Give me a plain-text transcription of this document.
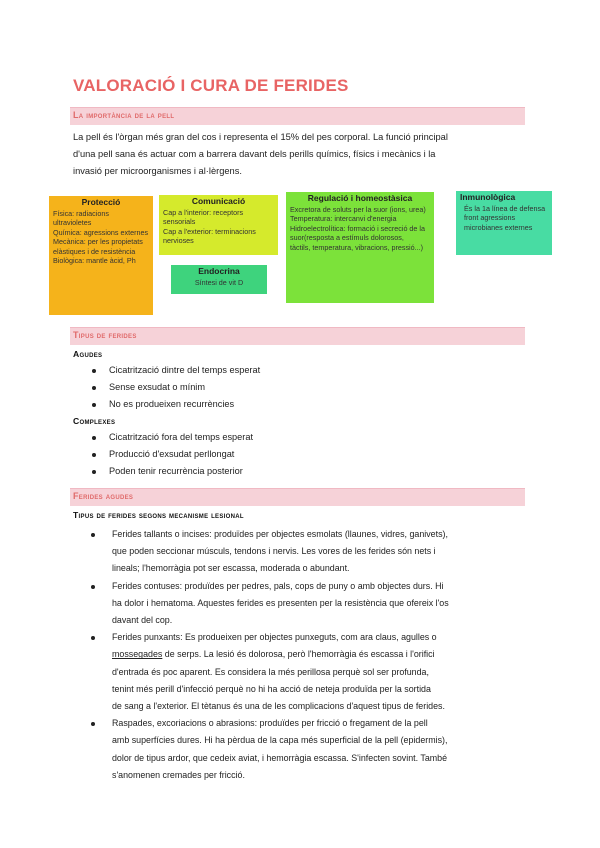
VALORACIÓ I CURA DE FERIDES
La importància de la pell
La pell és l'òrgan més gran del cos i representa el 15% del pes corporal. La funció principal
d'una pell sana és actuar com a barrera davant dels perills químics, físics i mecànics i la
invasió per microorganismes i al·lèrgens.
Protecció

Física: radiacions ultravioletes

Química: agressions externes

Mecànica: per les propietats elàstiques i de resistència

Biològica: mantle àcid, Ph

Comunicació

Cap a l'interior: receptors sensorials

Cap a l'exterior: terminacions nervioses

Endocrina

Síntesi de vit D

Regulació i homeostàsica

Excretora de soluts per la suor (ions, urea)

Temperatura: intercanvi d'energia

Hidroelectrolítica: formació i secreció de la suor(resposta a estímuls dolorosos,

tàctils, temperatura, vibracions, pressió...)

Inmunològica

És la 1a línea de defensa front agressions microbianes externes

Tipus de ferides
Agudes
Cicatrització dintre del temps esperat
Sense exsudat o mínim
No es produeixen recurrències
Complexes
Cicatrització fora del temps esperat
Producció d'exsudat perllongat
Poden tenir recurrència posterior
Ferides agudes
Tipus de ferides segons mecanisme lesional
Ferides tallants o incises: produïdes per objectes esmolats (llaunes, vidres, ganivets),
que poden seccionar músculs, tendons i nervis. Les vores de les ferides són nets i
lineals; l'hemorràgia pot ser escassa, moderada o abundant.
Ferides contuses: produïdes per pedres, pals, cops de puny o amb objectes durs. Hi
ha dolor i hematoma. Aquestes ferides es presenten per la resistència que ofereix l'os
davant del cop.
Ferides punxants: Es produeixen per objectes punxeguts, com ara claus, agulles o
mossegades de serps. La lesió és dolorosa, però l'hemorràgia és escassa i l'orifici
d'entrada és poc aparent. Es considera la més perillosa perquè sol ser profunda,
tenint més perill d'infecció perquè no hi ha acció de neteja produïda per la sortida
de sang a l'exterior. El tètanus és una de les complicacions d'aquest tipus de ferides.
Raspades, excoriacions o abrasions: produïdes per fricció o fregament de la pell
amb superfícies dures. Hi ha pèrdua de la capa més superficial de la pell (epidermis),
dolor de tipus ardor, que cedeix aviat, i hemorràgia escassa. S'infecten sovint. També
s'anomenen cremades per fricció.
